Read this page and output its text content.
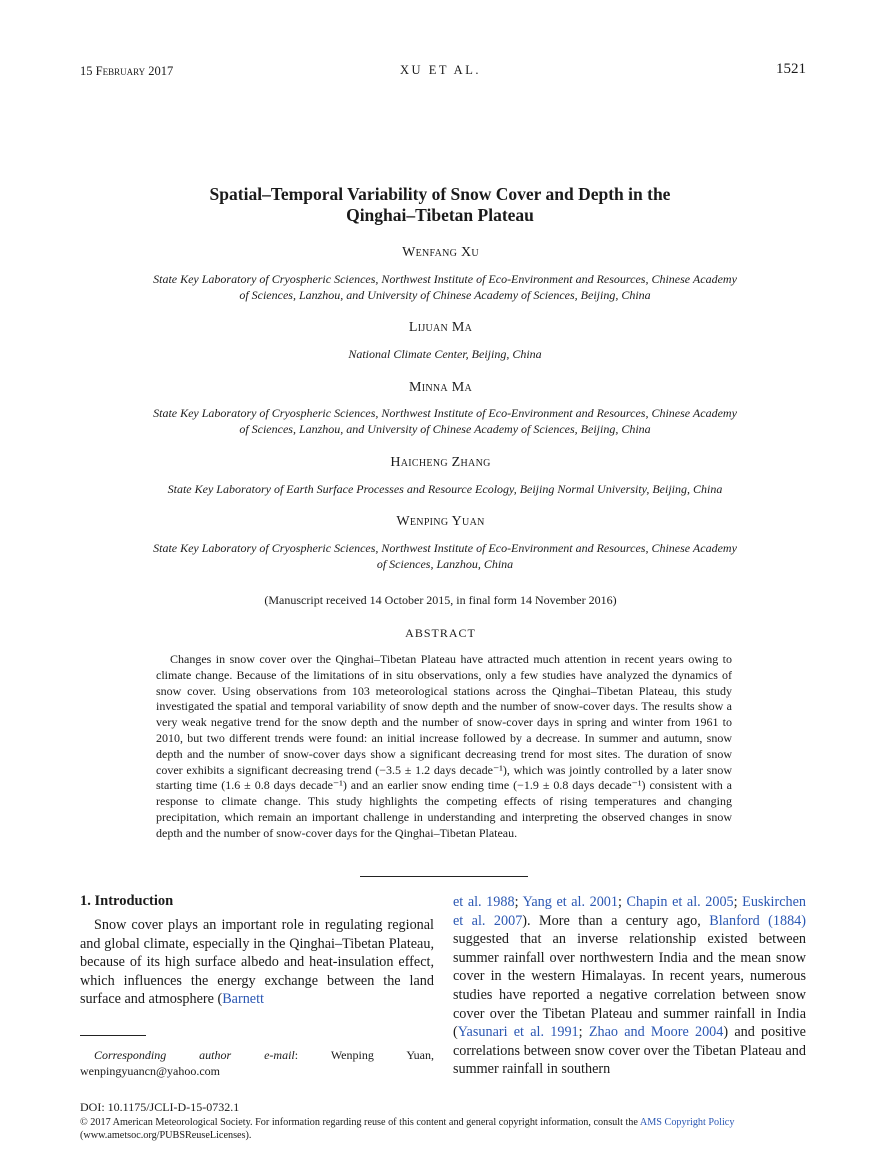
15 February 2017	XU ET AL.	1521
Spatial–Temporal Variability of Snow Cover and Depth in the
Qinghai–Tibetan Plateau
Wenfang Xu
State Key Laboratory of Cryospheric Sciences, Northwest Institute of Eco-Environment and Resources, Chinese Academy
of Sciences, Lanzhou, and University of Chinese Academy of Sciences, Beijing, China
Lijuan Ma
National Climate Center, Beijing, China
Minna Ma
State Key Laboratory of Cryospheric Sciences, Northwest Institute of Eco-Environment and Resources, Chinese Academy
of Sciences, Lanzhou, and University of Chinese Academy of Sciences, Beijing, China
Haicheng Zhang
State Key Laboratory of Earth Surface Processes and Resource Ecology, Beijing Normal University, Beijing, China
Wenping Yuan
State Key Laboratory of Cryospheric Sciences, Northwest Institute of Eco-Environment and Resources, Chinese Academy
of Sciences, Lanzhou, China
(Manuscript received 14 October 2015, in final form 14 November 2016)
ABSTRACT
Changes in snow cover over the Qinghai–Tibetan Plateau have attracted much attention in recent years owing to climate change. Because of the limitations of in situ observations, only a few studies have analyzed the dynamics of snow cover. Using observations from 103 meteorological stations across the Qinghai–Tibetan Plateau, this study investigated the spatial and temporal variability of snow depth and the number of snow-cover days. The results show a very weak negative trend for the snow depth and the number of snow-cover days in spring and winter from 1961 to 2010, but two different trends were found: an initial increase followed by a decrease. In summer and autumn, snow depth and the number of snow-cover days show a significant decreasing trend for most sites. The duration of snow cover exhibits a significant decreasing trend (−3.5 ± 1.2 days decade⁻¹), which was jointly controlled by a later snow starting time (1.6 ± 0.8 days decade⁻¹) and an earlier snow ending time (−1.9 ± 0.8 days decade⁻¹) consistent with a response to climate change. This study highlights the competing effects of rising temperatures and changing precipitation, which remain an important challenge in understanding and interpreting the observed changes in snow depth and the number of snow-cover days for the Qinghai–Tibetan Plateau.
1. Introduction

Snow cover plays an important role in regulating regional and global climate, especially in the Qinghai–Tibetan Plateau, because of its high surface albedo and heat-insulation effect, which influences the energy exchange between the land surface and atmosphere (Barnett

et al. 1988; Yang et al. 2001; Chapin et al. 2005; Euskirchen et al. 2007). More than a century ago, Blanford (1884) suggested that an inverse relationship existed between summer rainfall over northwestern India and the mean snow cover in the western Himalayas. In recent years, numerous studies have reported a negative correlation between snow cover over the Tibetan Plateau and summer rainfall in India (Yasunari et al. 1991; Zhao and Moore 2004) and positive correlations between snow cover over the Tibetan Plateau and summer rainfall in southern

Corresponding author e-mail: Wenping Yuan, wenpingyuancn@yahoo.com
DOI: 10.1175/JCLI-D-15-0732.1
© 2017 American Meteorological Society. For information regarding reuse of this content and general copyright information, consult the AMS Copyright Policy (www.ametsoc.org/PUBSReuseLicenses).
